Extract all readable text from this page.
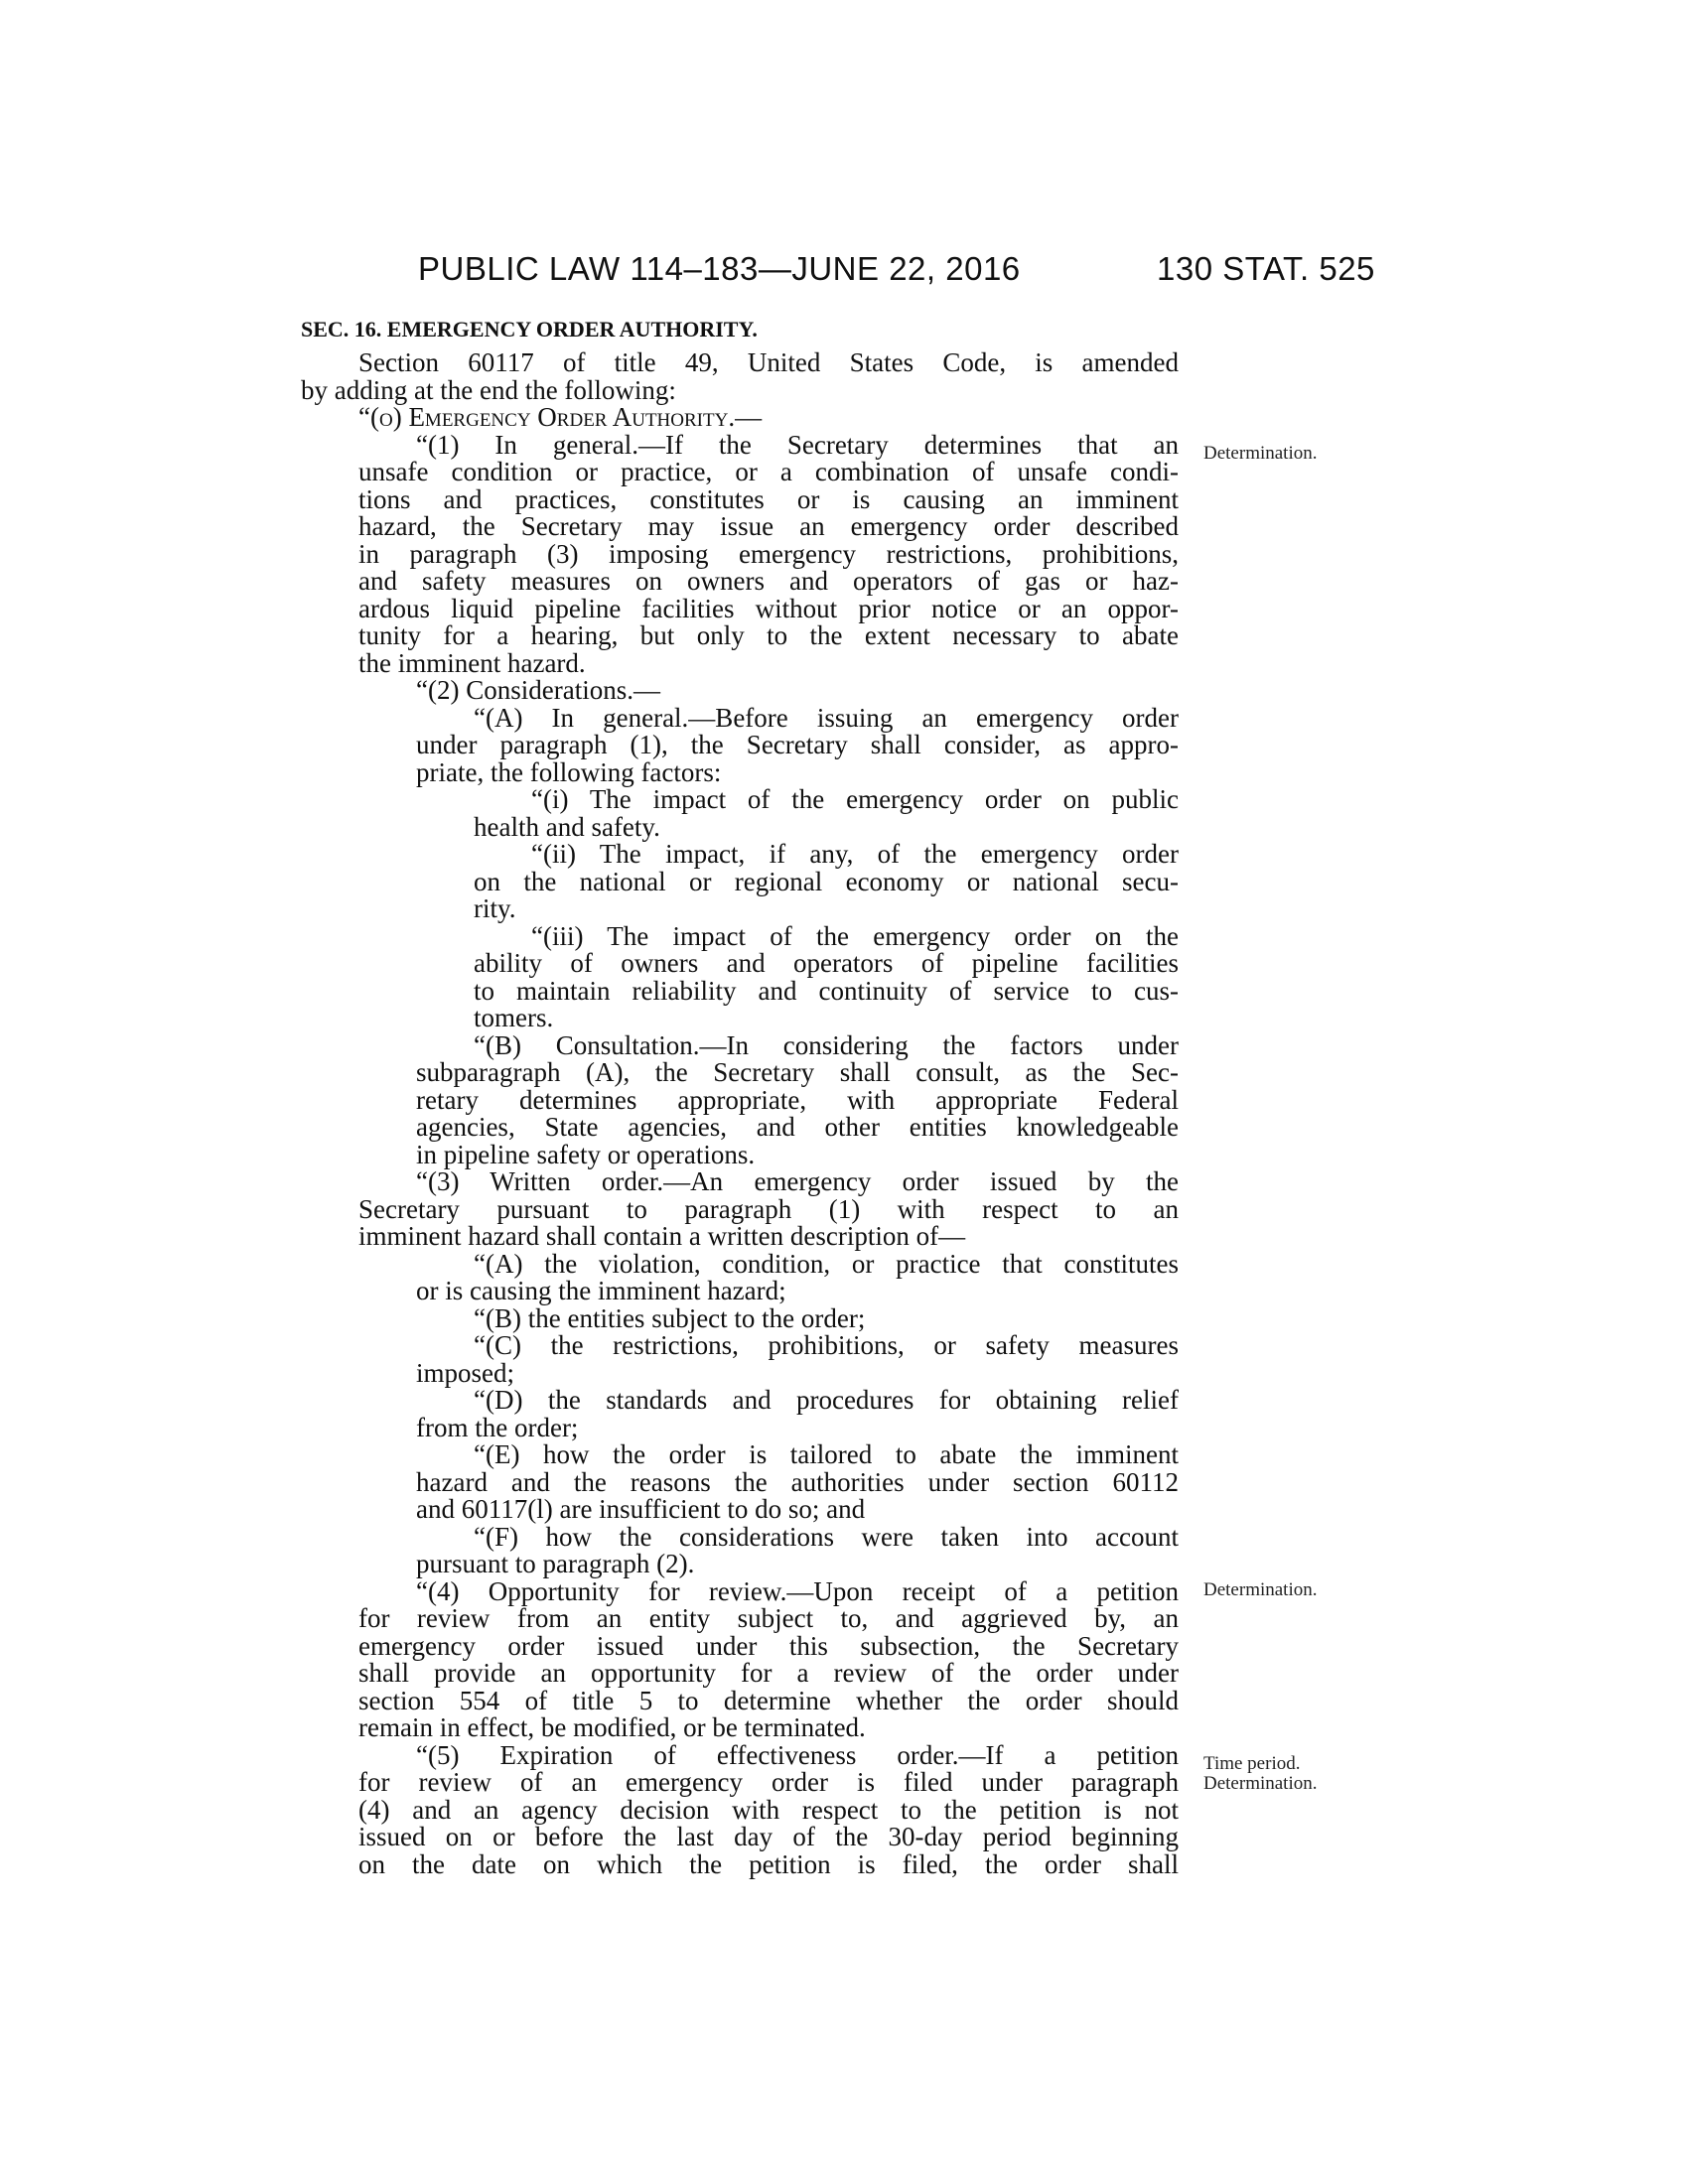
PUBLIC LAW 114–183—JUNE 22, 2016	130 STAT. 525
SEC. 16. EMERGENCY ORDER AUTHORITY.
Section 60117 of title 49, United States Code, is amended
by adding at the end the following:
“(o) Emergency Order Authority.—
“(1) In general.—If the Secretary determines that an
unsafe condition or practice, or a combination of unsafe condi-
tions and practices, constitutes or is causing an imminent
hazard, the Secretary may issue an emergency order described
in paragraph (3) imposing emergency restrictions, prohibitions,
and safety measures on owners and operators of gas or haz-
ardous liquid pipeline facilities without prior notice or an oppor-
tunity for a hearing, but only to the extent necessary to abate
the imminent hazard.
“(2) Considerations.—
“(A) In general.—Before issuing an emergency order
under paragraph (1), the Secretary shall consider, as appro-
priate, the following factors:
“(i) The impact of the emergency order on public
health and safety.
“(ii) The impact, if any, of the emergency order
on the national or regional economy or national secu-
rity.
“(iii) The impact of the emergency order on the
ability of owners and operators of pipeline facilities
to maintain reliability and continuity of service to cus-
tomers.
“(B) Consultation.—In considering the factors under
subparagraph (A), the Secretary shall consult, as the Sec-
retary determines appropriate, with appropriate Federal
agencies, State agencies, and other entities knowledgeable
in pipeline safety or operations.
“(3) Written order.—An emergency order issued by the
Secretary pursuant to paragraph (1) with respect to an
imminent hazard shall contain a written description of—
“(A) the violation, condition, or practice that constitutes
or is causing the imminent hazard;
“(B) the entities subject to the order;
“(C) the restrictions, prohibitions, or safety measures
imposed;
“(D) the standards and procedures for obtaining relief
from the order;
“(E) how the order is tailored to abate the imminent
hazard and the reasons the authorities under section 60112
and 60117(l) are insufficient to do so; and
“(F) how the considerations were taken into account
pursuant to paragraph (2).
“(4) Opportunity for review.—Upon receipt of a petition
for review from an entity subject to, and aggrieved by, an
emergency order issued under this subsection, the Secretary
shall provide an opportunity for a review of the order under
section 554 of title 5 to determine whether the order should
remain in effect, be modified, or be terminated.
“(5) Expiration of effectiveness order.—If a petition
for review of an emergency order is filed under paragraph
(4) and an agency decision with respect to the petition is not
issued on or before the last day of the 30-day period beginning
on the date on which the petition is filed, the order shall
Determination.
Determination.
Time period.
Determination.
